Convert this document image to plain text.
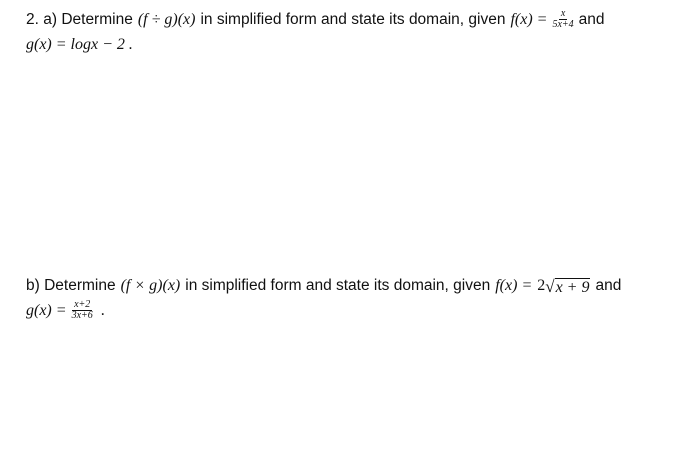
2. a) Determine (f ÷ g)(x) in simplified form and state its domain, given $f(x) = \frac{x}{5x+4}$ and
g(x) = logx − 2 .
b) Determine (f × g)(x) in simplified form and state its domain, given f(x) = 2 √ x + 9 and
$g(x) = \frac{x+2}{3x+6}$ .
